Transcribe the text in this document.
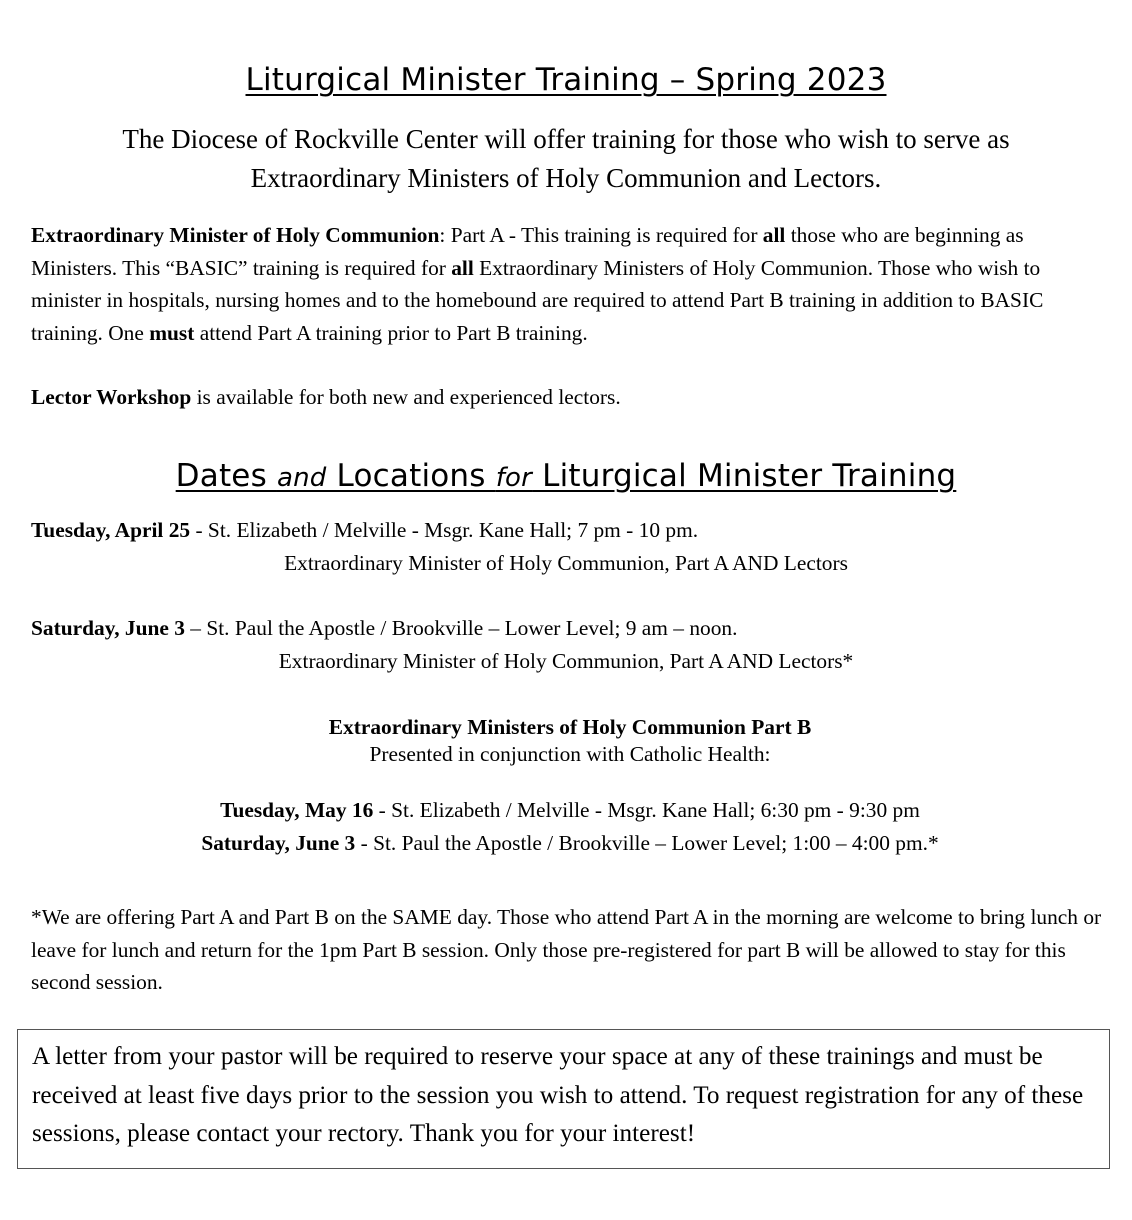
Liturgical Minister Training – Spring 2023
The Diocese of Rockville Center will offer training for those who wish to serve as
Extraordinary Ministers of Holy Communion and Lectors.
Extraordinary Minister of Holy Communion: Part A - This training is required for all those who are beginning as Ministers. This “BASIC” training is required for all Extraordinary Ministers of Holy Communion. Those who wish to minister in hospitals, nursing homes and to the homebound are required to attend Part B training in addition to BASIC training. One must attend Part A training prior to Part B training.
Lector Workshop is available for both new and experienced lectors.
Dates and Locations for Liturgical Minister Training
Tuesday, April 25 - St. Elizabeth / Melville - Msgr. Kane Hall; 7 pm - 10 pm.
Extraordinary Minister of Holy Communion, Part A AND Lectors
Saturday, June 3 – St. Paul the Apostle / Brookville – Lower Level; 9 am – noon.
Extraordinary Minister of Holy Communion, Part A AND Lectors*
Extraordinary Ministers of Holy Communion Part B
Presented in conjunction with Catholic Health:
Tuesday, May 16 - St. Elizabeth / Melville - Msgr. Kane Hall; 6:30 pm - 9:30 pm
Saturday, June 3 - St. Paul the Apostle / Brookville – Lower Level; 1:00 – 4:00 pm.*
*We are offering Part A and Part B on the SAME day. Those who attend Part A in the morning are welcome to bring lunch or leave for lunch and return for the 1pm Part B session. Only those pre-registered for part B will be allowed to stay for this second session.
A letter from your pastor will be required to reserve your space at any of these trainings and must be received at least five days prior to the session you wish to attend. To request registration for any of these sessions, please contact your rectory. Thank you for your interest!
